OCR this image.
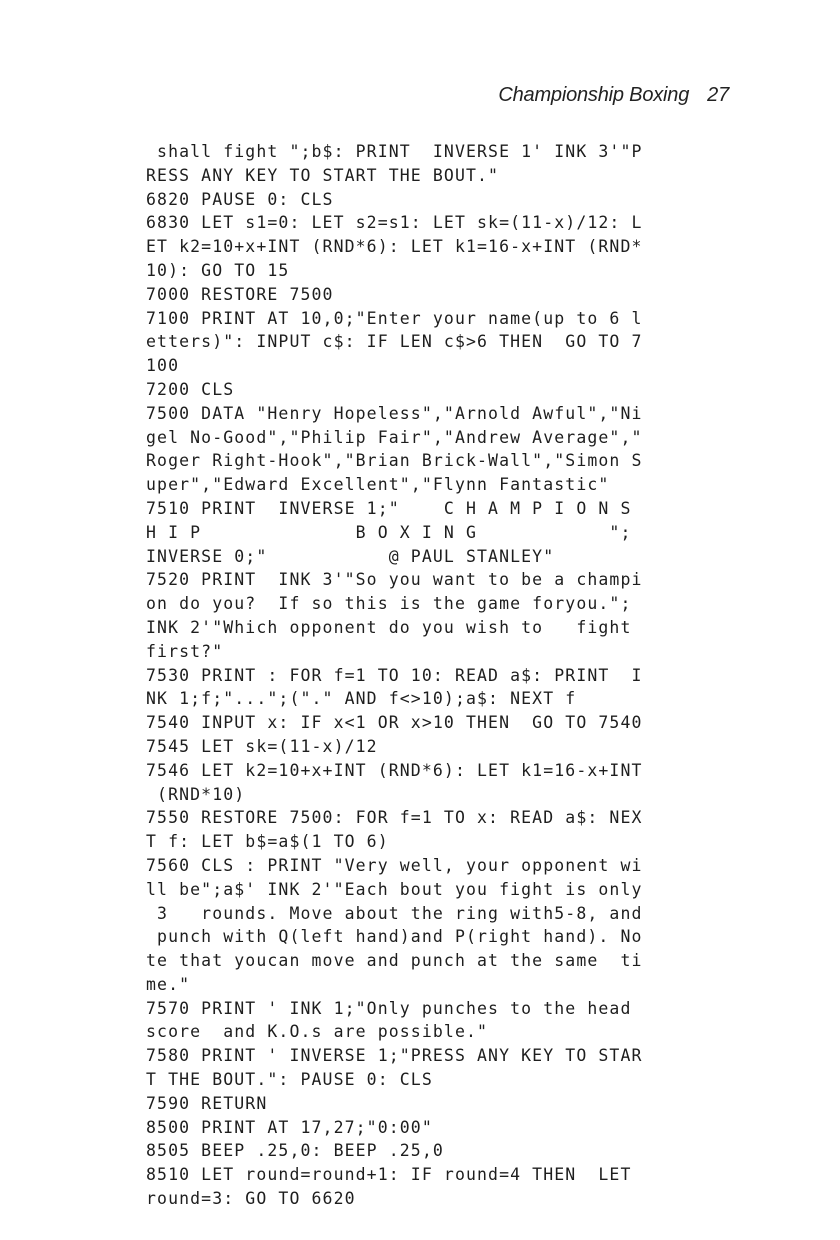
Championship Boxing 27
shall fight ";b$: PRINT  INVERSE 1' INK 3'"P
RESS ANY KEY TO START THE BOUT."
6820 PAUSE 0: CLS
6830 LET s1=0: LET s2=s1: LET sk=(11-x)/12: L
ET k2=10+x+INT (RND*6): LET k1=16-x+INT (RND*
10): GO TO 15
7000 RESTORE 7500
7100 PRINT AT 10,0;"Enter your name(up to 6 l
etters)": INPUT c$: IF LEN c$>6 THEN  GO TO 7
100
7200 CLS
7500 DATA "Henry Hopeless","Arnold Awful","Ni
gel No-Good","Philip Fair","Andrew Average","
Roger Right-Hook","Brian Brick-Wall","Simon S
uper","Edward Excellent","Flynn Fantastic"
7510 PRINT  INVERSE 1;"    C H A M P I O N S
H I P              B O X I N G            ";
INVERSE 0;"           @ PAUL STANLEY"
7520 PRINT  INK 3'"So you want to be a champi
on do you?  If so this is the game foryou.";
INK 2'"Which opponent do you wish to   fight
first?"
7530 PRINT : FOR f=1 TO 10: READ a$: PRINT  I
NK 1;f;"...";("." AND f<>10);a$: NEXT f
7540 INPUT x: IF x<1 OR x>10 THEN  GO TO 7540
7545 LET sk=(11-x)/12
7546 LET k2=10+x+INT (RND*6): LET k1=16-x+INT
(RND*10)
7550 RESTORE 7500: FOR f=1 TO x: READ a$: NEX
T f: LET b$=a$(1 TO 6)
7560 CLS : PRINT "Very well, your opponent wi
ll be";a$' INK 2'"Each bout you fight is only
3   rounds. Move about the ring with5-8, and
punch with Q(left hand)and P(right hand). No
te that youcan move and punch at the same  ti
me."
7570 PRINT ' INK 1;"Only punches to the head
score  and K.O.s are possible."
7580 PRINT ' INVERSE 1;"PRESS ANY KEY TO STAR
T THE BOUT.": PAUSE 0: CLS
7590 RETURN
8500 PRINT AT 17,27;"0:00"
8505 BEEP .25,0: BEEP .25,0
8510 LET round=round+1: IF round=4 THEN  LET
round=3: GO TO 6620
